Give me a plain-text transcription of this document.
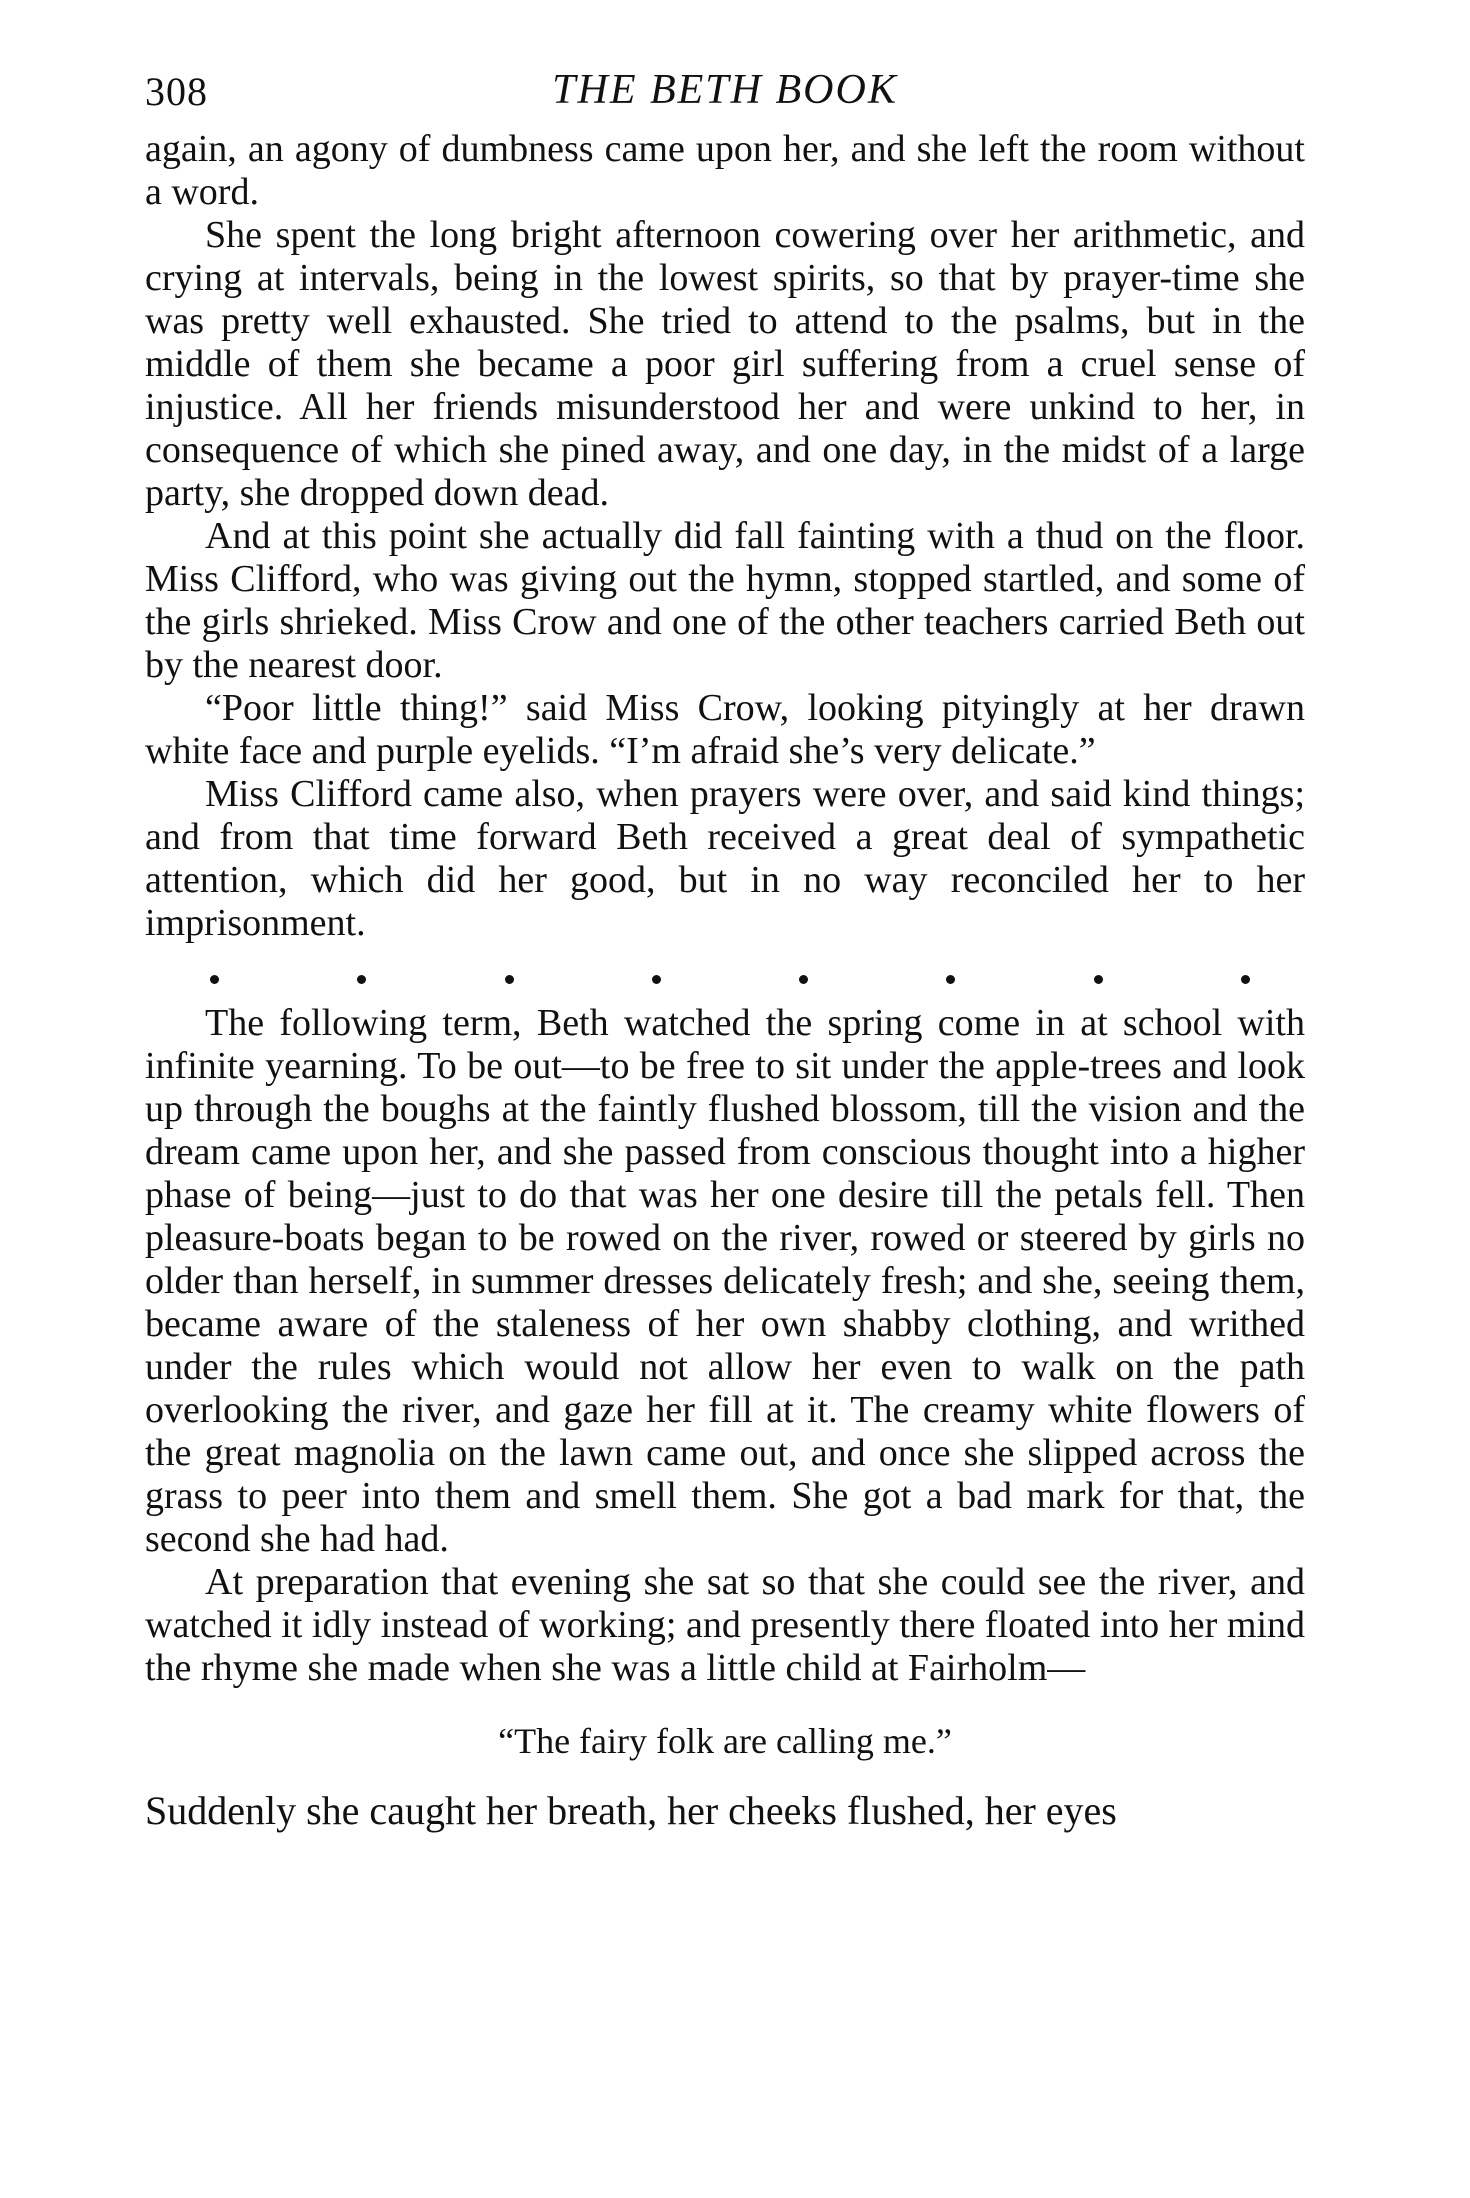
308	THE BETH BOOK

again, an agony of dumbness came upon her, and she left the room without a word.

She spent the long bright afternoon cowering over her arithmetic, and crying at intervals, being in the lowest spirits, so that by prayer-time she was pretty well exhausted. She tried to attend to the psalms, but in the middle of them she became a poor girl suffering from a cruel sense of injustice. All her friends misunderstood her and were unkind to her, in consequence of which she pined away, and one day, in the midst of a large party, she dropped down dead.

And at this point she actually did fall fainting with a thud on the floor. Miss Clifford, who was giving out the hymn, stopped startled, and some of the girls shrieked. Miss Crow and one of the other teachers carried Beth out by the nearest door.

“Poor little thing!” said Miss Crow, looking pityingly at her drawn white face and purple eyelids. “I’m afraid she’s very delicate.”

Miss Clifford came also, when prayers were over, and said kind things; and from that time forward Beth received a great deal of sympathetic attention, which did her good, but in no way reconciled her to her imprisonment.

The following term, Beth watched the spring come in at school with infinite yearning. To be out—to be free to sit under the apple-trees and look up through the boughs at the faintly flushed blossom, till the vision and the dream came upon her, and she passed from conscious thought into a higher phase of being—just to do that was her one desire till the petals fell. Then pleasure-boats began to be rowed on the river, rowed or steered by girls no older than herself, in summer dresses delicately fresh; and she, seeing them, became aware of the staleness of her own shabby clothing, and writhed under the rules which would not allow her even to walk on the path overlooking the river, and gaze her fill at it. The creamy white flowers of the great magnolia on the lawn came out, and once she slipped across the grass to peer into them and smell them. She got a bad mark for that, the second she had had.

At preparation that evening she sat so that she could see the river, and watched it idly instead of working; and presently there floated into her mind the rhyme she made when she was a little child at Fairholm—

“The fairy folk are calling me.”

Suddenly she caught her breath, her cheeks flushed, her eyes
